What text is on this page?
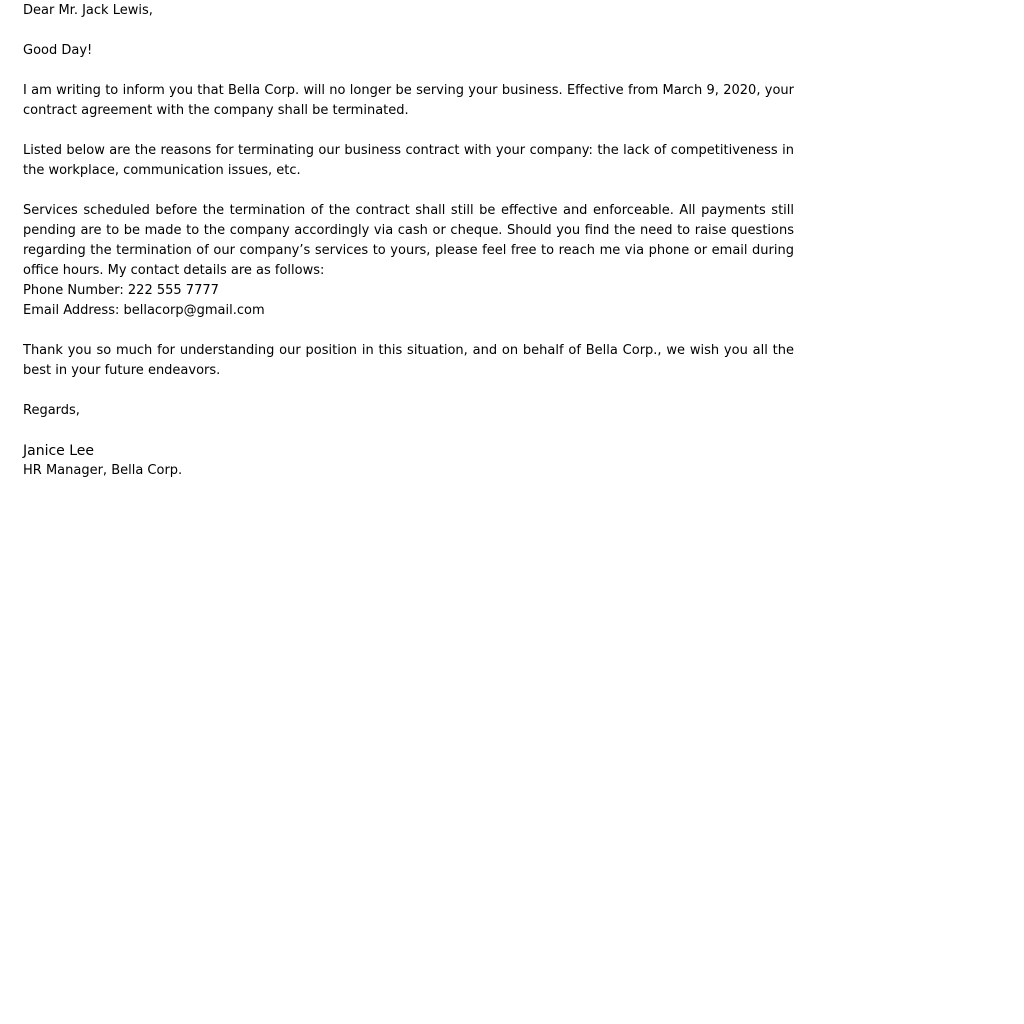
Dear Mr. Jack Lewis,
Good Day!
I am writing to inform you that Bella Corp. will no longer be serving your business. Effective from March 9, 2020, your contract agreement with the company shall be terminated.
Listed below are the reasons for terminating our business contract with your company: the lack of competitiveness in the workplace, communication issues, etc.
Services scheduled before the termination of the contract shall still be effective and enforceable. All payments still pending are to be made to the company accordingly via cash or cheque. Should you find the need to raise questions regarding the termination of our company’s services to yours, please feel free to reach me via phone or email during office hours. My contact details are as follows:
Phone Number: 222 555 7777
Email Address: bellacorp@gmail.com
Thank you so much for understanding our position in this situation, and on behalf of Bella Corp., we wish you all the best in your future endeavors.
Regards,
Janice Lee
HR Manager, Bella Corp.
